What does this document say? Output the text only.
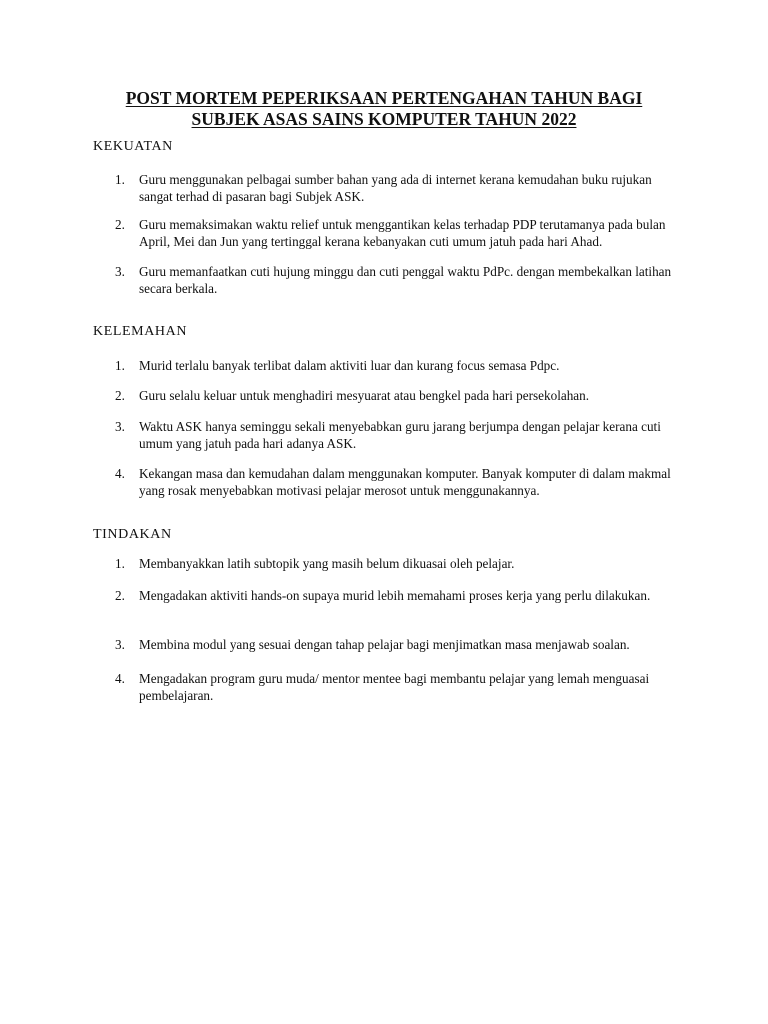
POST MORTEM PEPERIKSAAN PERTENGAHAN TAHUN BAGI
SUBJEK ASAS SAINS KOMPUTER TAHUN 2022
KEKUATAN
1. Guru menggunakan pelbagai sumber bahan yang ada di internet kerana kemudahan buku rujukan sangat terhad di pasaran bagi Subjek ASK.
2. Guru memaksimakan waktu relief untuk menggantikan kelas terhadap PDP terutamanya pada bulan April, Mei dan Jun yang tertinggal kerana kebanyakan cuti umum jatuh pada hari Ahad.
3. Guru memanfaatkan cuti hujung minggu dan cuti penggal waktu PdPc. dengan membekalkan latihan secara berkala.
KELEMAHAN
1. Murid terlalu banyak terlibat dalam aktiviti luar dan kurang focus semasa Pdpc.
2. Guru selalu keluar untuk menghadiri mesyuarat atau bengkel pada hari persekolahan.
3. Waktu ASK hanya seminggu sekali menyebabkan guru jarang berjumpa dengan pelajar kerana cuti umum yang jatuh pada hari adanya ASK.
4. Kekangan masa dan kemudahan dalam menggunakan komputer. Banyak komputer di dalam makmal yang rosak menyebabkan motivasi pelajar merosot untuk menggunakannya.
TINDAKAN
1. Membanyakkan latih subtopik yang masih belum dikuasai oleh pelajar.
2. Mengadakan aktiviti hands-on supaya murid lebih memahami proses kerja yang perlu dilakukan.
3. Membina modul yang sesuai dengan tahap pelajar bagi menjimatkan masa menjawab soalan.
4. Mengadakan program guru muda/ mentor mentee bagi membantu pelajar yang lemah menguasai pembelajaran.
